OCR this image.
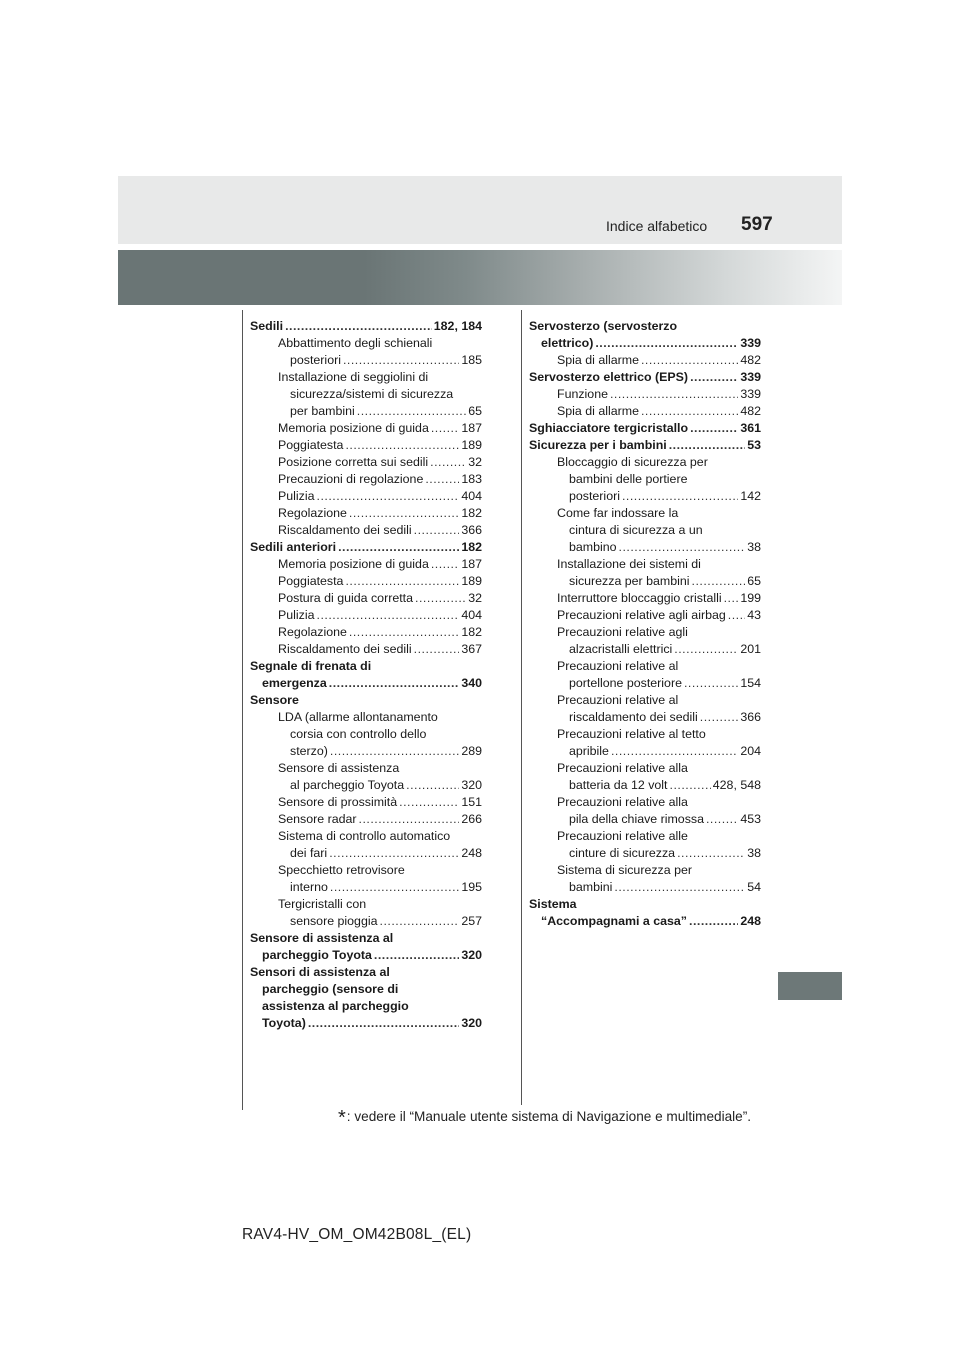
597
Indice alfabetico
Sedili .....	182, 184
Abbattimento degli schienali
posteriori .....	185
Installazione di seggiolini di
sicurezza/sistemi di sicurezza
per bambini .....	65
Memoria posizione di guida .....	187
Poggiatesta .....	189
Posizione corretta sui sedili .....	32
Precauzioni di regolazione .....	183
Pulizia .....	404
Regolazione .....	182
Riscaldamento dei sedili .....	366
Sedili anteriori .....	182
Memoria posizione di guida .....	187
Poggiatesta .....	189
Postura di guida corretta .....	32
Pulizia .....	404
Regolazione .....	182
Riscaldamento dei sedili .....	367
Segnale di frenata di
emergenza .....	340
Sensore
LDA (allarme allontanamento
corsia con controllo dello
sterzo) .....	289
Sensore di assistenza
al parcheggio Toyota .....	320
Sensore di prossimità .....	151
Sensore radar .....	266
Sistema di controllo automatico
dei fari .....	248
Specchietto retrovisore
interno .....	195
Tergicristalli con
sensore pioggia .....	257
Sensore di assistenza al
parcheggio Toyota .....	320
Sensori di assistenza al
parcheggio (sensore di
assistenza al parcheggio
Toyota) .....	320
Servosterzo (servosterzo
elettrico) .....	339
Spia di allarme .....	482
Servosterzo elettrico (EPS) .....	339
Funzione .....	339
Spia di allarme .....	482
Sghiacciatore tergicristallo .....	361
Sicurezza per i bambini .....	53
Bloccaggio di sicurezza per
bambini delle portiere
posteriori .....	142
Come far indossare la
cintura di sicurezza a un
bambino .....	38
Installazione dei sistemi di
sicurezza per bambini .....	65
Interruttore bloccaggio cristalli ..... 199
Precauzioni relative agli airbag ..... 43
Precauzioni relative agli
alzacristalli elettrici .....	201
Precauzioni relative al
portellone posteriore .....	154
Precauzioni relative al
riscaldamento dei sedili .....	366
Precauzioni relative al tetto
apribile .....	204
Precauzioni relative alla
batteria da 12 volt .....	428, 548
Precauzioni relative alla
pila della chiave rimossa .....	453
Precauzioni relative alle
cinture di sicurezza .....	38
Sistema di sicurezza per
bambini .....	54
Sistema
“Accompagnami a casa” .....	248
*: vedere il “Manuale utente sistema di Navigazione e multimediale”.
RAV4-HV_OM_OM42B08L_(EL)
